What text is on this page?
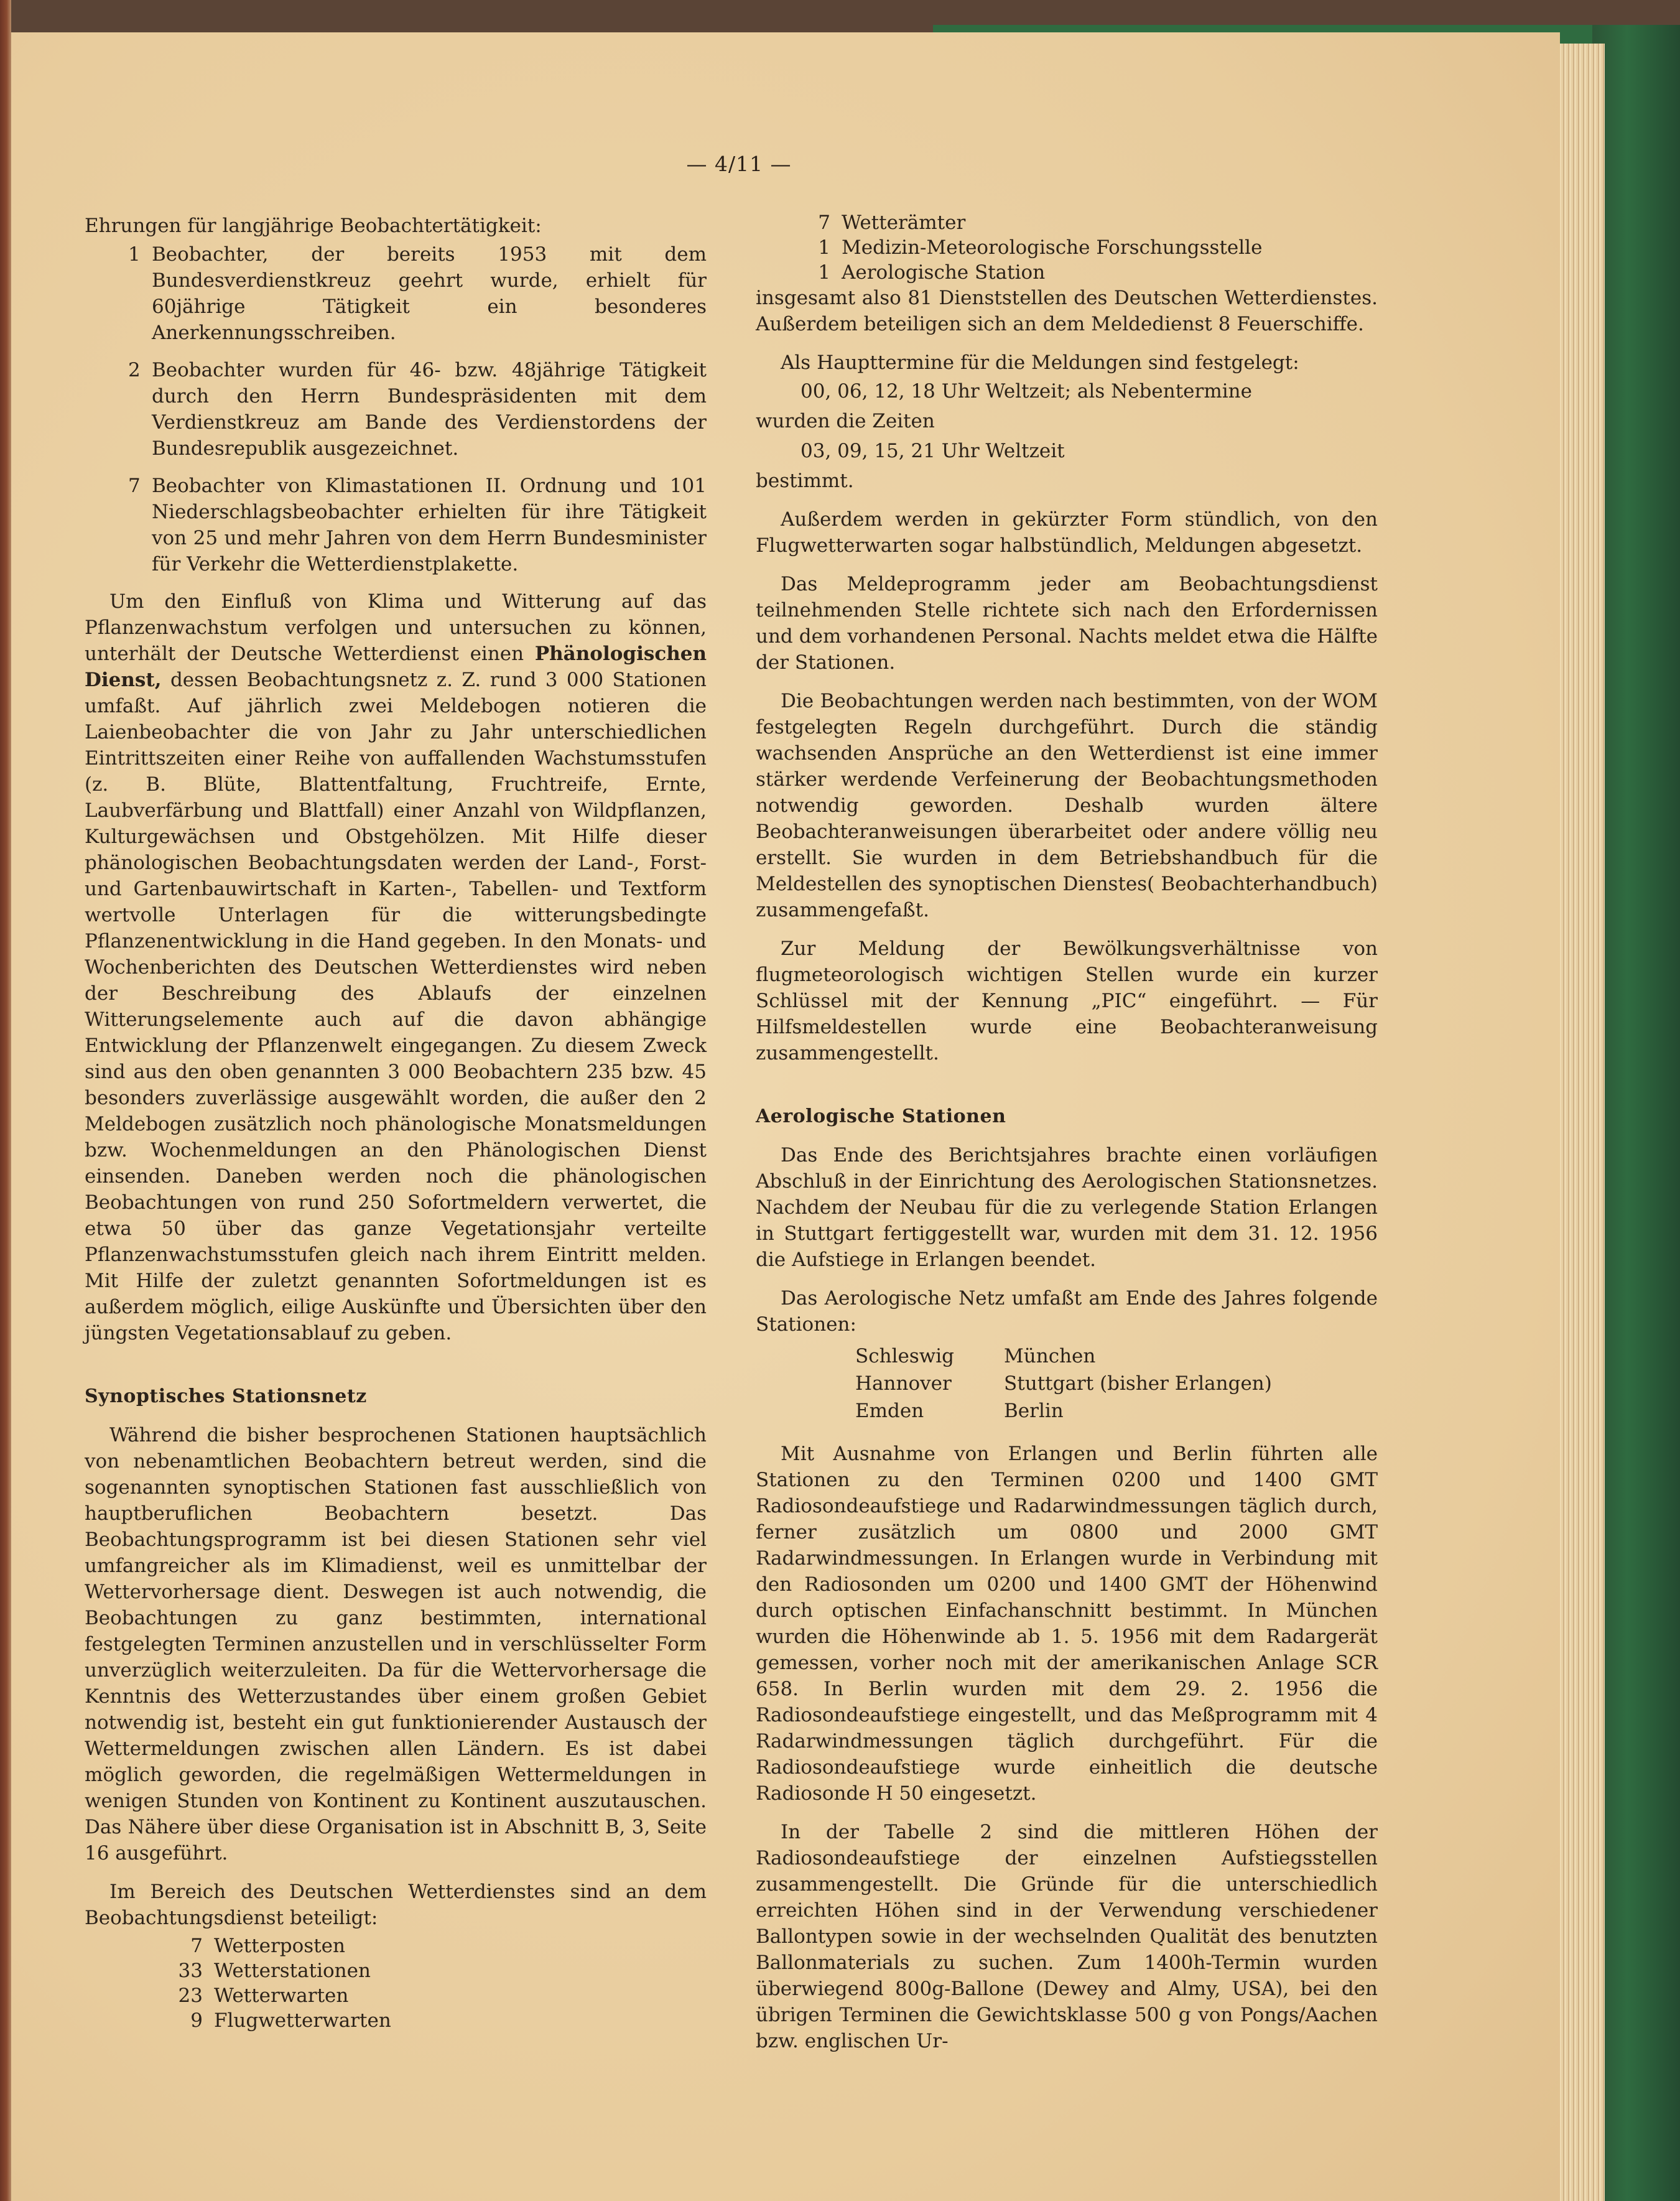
— 4/11 —

Ehrungen für langjährige Beobachtertätigkeit:

1 Beobachter, der bereits 1953 mit dem Bundesverdienstkreuz geehrt wurde, erhielt für 60jährige Tätigkeit ein besonderes Anerkennungsschreiben.
2 Beobachter wurden für 46- bzw. 48jährige Tätigkeit durch den Herrn Bundespräsidenten mit dem Verdienstkreuz am Bande des Verdienstordens der Bundesrepublik ausgezeichnet.
7 Beobachter von Klimastationen II. Ordnung und 101 Niederschlagsbeobachter erhielten für ihre Tätigkeit von 25 und mehr Jahren von dem Herrn Bundesminister für Verkehr die Wetterdienstplakette.

Um den Einfluß von Klima und Witterung auf das Pflanzenwachstum verfolgen und untersuchen zu können, unterhält der Deutsche Wetterdienst einen Phänologischen Dienst, dessen Beobachtungsnetz z. Z. rund 3 000 Stationen umfaßt. Auf jährlich zwei Meldebogen notieren die Laienbeobachter die von Jahr zu Jahr unterschiedlichen Eintrittszeiten einer Reihe von auffallenden Wachstumsstufen (z. B. Blüte, Blattentfaltung, Fruchtreife, Ernte, Laubverfärbung und Blattfall) einer Anzahl von Wildpflanzen, Kulturgewächsen und Obstgehölzen. Mit Hilfe dieser phänologischen Beobachtungsdaten werden der Land-, Forst- und Gartenbauwirtschaft in Karten-, Tabellen- und Textform wertvolle Unterlagen für die witterungsbedingte Pflanzenentwicklung in die Hand gegeben. In den Monats- und Wochenberichten des Deutschen Wetterdienstes wird neben der Beschreibung des Ablaufs der einzelnen Witterungselemente auch auf die davon abhängige Entwicklung der Pflanzenwelt eingegangen. Zu diesem Zweck sind aus den oben genannten 3 000 Beobachtern 235 bzw. 45 besonders zuverlässige ausgewählt worden, die außer den 2 Meldebogen zusätzlich noch phänologische Monatsmeldungen bzw. Wochenmeldungen an den Phänologischen Dienst einsenden. Daneben werden noch die phänologischen Beobachtungen von rund 250 Sofortmeldern verwertet, die etwa 50 über das ganze Vegetationsjahr verteilte Pflanzenwachstumsstufen gleich nach ihrem Eintritt melden. Mit Hilfe der zuletzt genannten Sofortmeldungen ist es außerdem möglich, eilige Auskünfte und Übersichten über den jüngsten Vegetationsablauf zu geben.

Synoptisches Stationsnetz

Während die bisher besprochenen Stationen hauptsächlich von nebenamtlichen Beobachtern betreut werden, sind die sogenannten synoptischen Stationen fast ausschließlich von hauptberuflichen Beobachtern besetzt. Das Beobachtungsprogramm ist bei diesen Stationen sehr viel umfangreicher als im Klimadienst, weil es unmittelbar der Wettervorhersage dient. Deswegen ist auch notwendig, die Beobachtungen zu ganz bestimmten, international festgelegten Terminen anzustellen und in verschlüsselter Form unverzüglich weiterzuleiten. Da für die Wettervorhersage die Kenntnis des Wetterzustandes über einem großen Gebiet notwendig ist, besteht ein gut funktionierender Austausch der Wettermeldungen zwischen allen Ländern. Es ist dabei möglich geworden, die regelmäßigen Wettermeldungen in wenigen Stunden von Kontinent zu Kontinent auszutauschen. Das Nähere über diese Organisation ist in Abschnitt B, 3, Seite 16 ausgeführt.

Im Bereich des Deutschen Wetterdienstes sind an dem Beobachtungsdienst beteiligt:

7 Wetterposten
33 Wetterstationen
23 Wetterwarten
9 Flugwetterwarten
7 Wetterämter
1 Medizin-Meteorologische Forschungsstelle
1 Aerologische Station

insgesamt also 81 Dienststellen des Deutschen Wetterdienstes. Außerdem beteiligen sich an dem Meldedienst 8 Feuerschiffe.

Als Haupttermine für die Meldungen sind festgelegt:

00, 06, 12, 18 Uhr Weltzeit; als Nebentermine
wurden die Zeiten
03, 09, 15, 21 Uhr Weltzeit

bestimmt.

Außerdem werden in gekürzter Form stündlich, von den Flugwetterwarten sogar halbstündlich, Meldungen abgesetzt.

Das Meldeprogramm jeder am Beobachtungsdienst teilnehmenden Stelle richtete sich nach den Erfordernissen und dem vorhandenen Personal. Nachts meldet etwa die Hälfte der Stationen.

Die Beobachtungen werden nach bestimmten, von der WOM festgelegten Regeln durchgeführt. Durch die ständig wachsenden Ansprüche an den Wetterdienst ist eine immer stärker werdende Verfeinerung der Beobachtungsmethoden notwendig geworden. Deshalb wurden ältere Beobachteranweisungen überarbeitet oder andere völlig neu erstellt. Sie wurden in dem Betriebshandbuch für die Meldestellen des synoptischen Dienstes( Beobachterhandbuch) zusammengefaßt.

Zur Meldung der Bewölkungsverhältnisse von flugmeteorologisch wichtigen Stellen wurde ein kurzer Schlüssel mit der Kennung „PIC“ eingeführt. — Für Hilfsmeldestellen wurde eine Beobachteranweisung zusammengestellt.

Aerologische Stationen

Das Ende des Berichtsjahres brachte einen vorläufigen Abschluß in der Einrichtung des Aerologischen Stationsnetzes. Nachdem der Neubau für die zu verlegende Station Erlangen in Stuttgart fertiggestellt war, wurden mit dem 31. 12. 1956 die Aufstiege in Erlangen beendet.

Das Aerologische Netz umfaßt am Ende des Jahres folgende Stationen:

Schleswig	München
Hannover	Stuttgart (bisher Erlangen)
Emden	Berlin

Mit Ausnahme von Erlangen und Berlin führten alle Stationen zu den Terminen 0200 und 1400 GMT Radiosondeaufstiege und Radarwindmessungen täglich durch, ferner zusätzlich um 0800 und 2000 GMT Radarwindmessungen. In Erlangen wurde in Verbindung mit den Radiosonden um 0200 und 1400 GMT der Höhenwind durch optischen Einfachanschnitt bestimmt. In München wurden die Höhenwinde ab 1. 5. 1956 mit dem Radargerät gemessen, vorher noch mit der amerikanischen Anlage SCR 658. In Berlin wurden mit dem 29. 2. 1956 die Radiosondeaufstiege eingestellt, und das Meßprogramm mit 4 Radarwindmessungen täglich durchgeführt. Für die Radiosondeaufstiege wurde einheitlich die deutsche Radiosonde H 50 eingesetzt.

In der Tabelle 2 sind die mittleren Höhen der Radiosondeaufstiege der einzelnen Aufstiegsstellen zusammengestellt. Die Gründe für die unterschiedlich erreichten Höhen sind in der Verwendung verschiedener Ballontypen sowie in der wechselnden Qualität des benutzten Ballonmaterials zu suchen. Zum 1400h-Termin wurden überwiegend 800g-Ballone (Dewey and Almy, USA), bei den übrigen Terminen die Gewichtsklasse 500 g von Pongs/Aachen bzw. englischen Ur-
